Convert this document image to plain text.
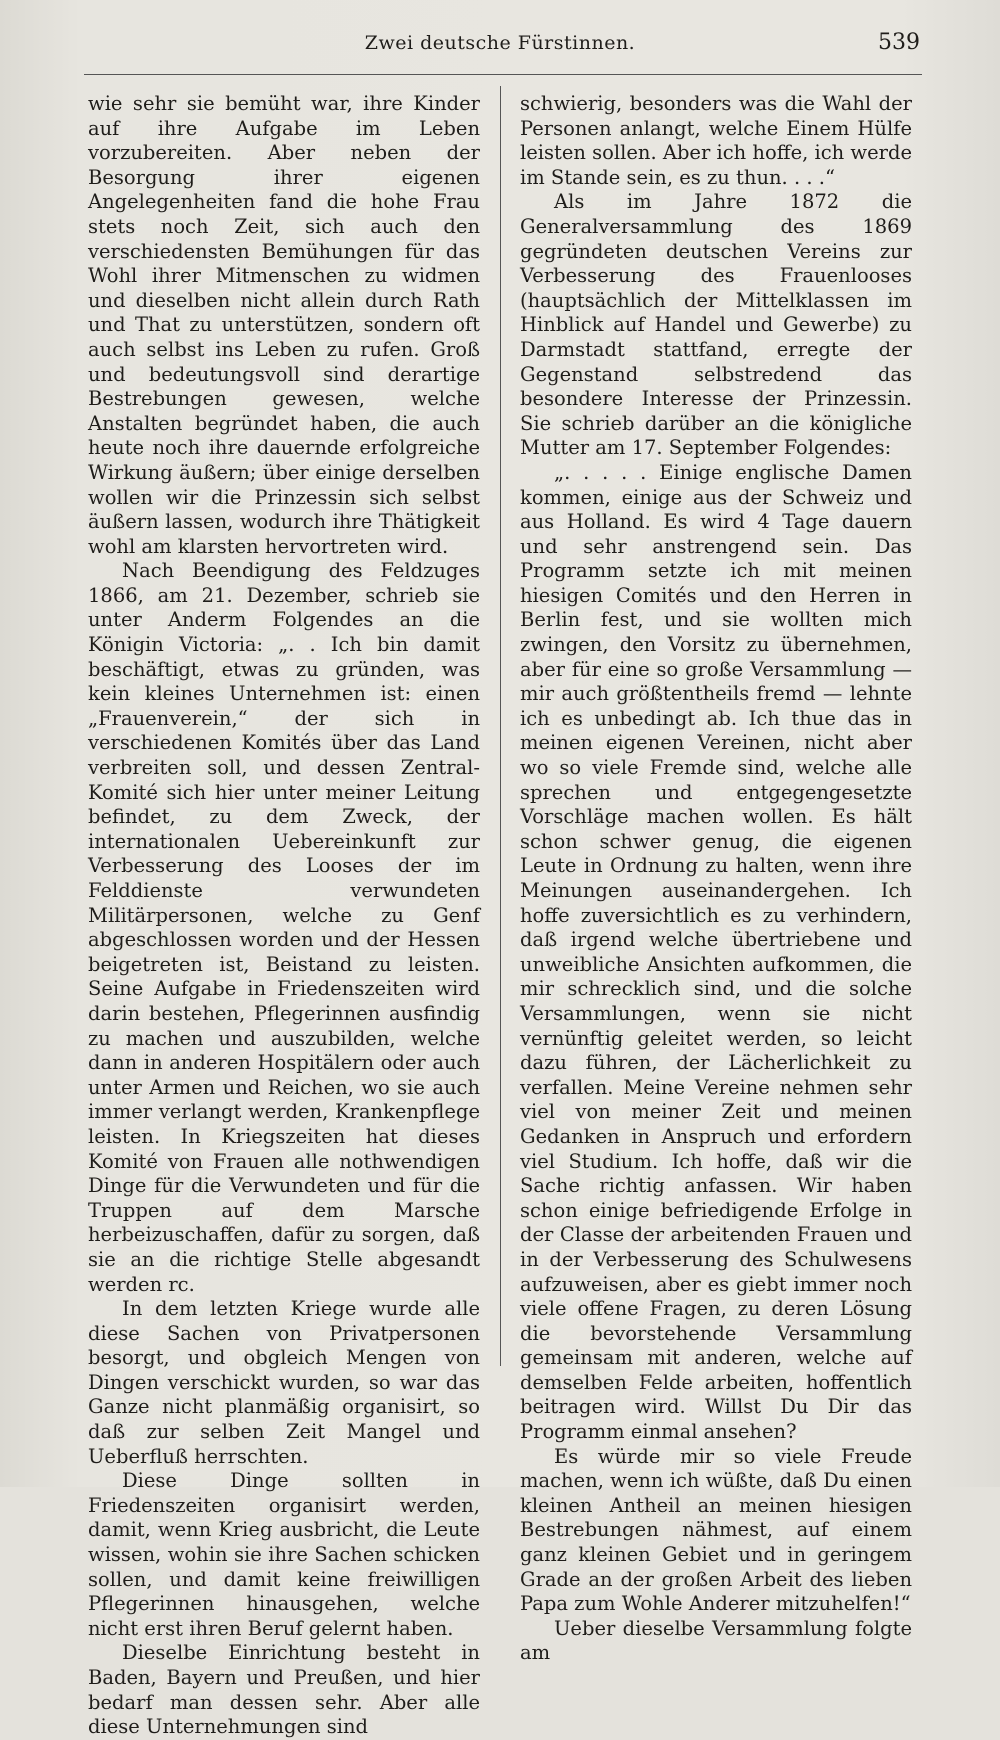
Zwei deutsche Fürstinnen.	539

wie sehr sie bemüht war, ihre Kinder auf ihre Aufgabe im Leben vorzubereiten. Aber neben der Besorgung ihrer eigenen Angelegenheiten fand die hohe Frau stets noch Zeit, sich auch den verschiedensten Bemühungen für das Wohl ihrer Mitmenschen zu widmen und dieselben nicht allein durch Rath und That zu unterstützen, sondern oft auch selbst ins Leben zu rufen. Groß und bedeutungsvoll sind derartige Bestrebungen gewesen, welche Anstalten begründet haben, die auch heute noch ihre dauernde erfolgreiche Wirkung äußern; über einige derselben wollen wir die Prinzessin sich selbst äußern lassen, wodurch ihre Thätigkeit wohl am klarsten hervortreten wird.

Nach Beendigung des Feldzuges 1866, am 21. Dezember, schrieb sie unter Anderm Folgendes an die Königin Victoria: „. . Ich bin damit beschäftigt, etwas zu gründen, was kein kleines Unternehmen ist: einen „Frauenverein,“ der sich in verschiedenen Komités über das Land verbreiten soll, und dessen Zentral-Komité sich hier unter meiner Leitung befindet, zu dem Zweck, der internationalen Uebereinkunft zur Verbesserung des Looses der im Felddienste verwundeten Militärpersonen, welche zu Genf abgeschlossen worden und der Hessen beigetreten ist, Beistand zu leisten. Seine Aufgabe in Friedenszeiten wird darin bestehen, Pflegerinnen ausfindig zu machen und auszubilden, welche dann in anderen Hospitälern oder auch unter Armen und Reichen, wo sie auch immer verlangt werden, Krankenpflege leisten. In Kriegszeiten hat dieses Komité von Frauen alle nothwendigen Dinge für die Verwundeten und für die Truppen auf dem Marsche herbeizuschaffen, dafür zu sorgen, daß sie an die richtige Stelle abgesandt werden rc.

In dem letzten Kriege wurde alle diese Sachen von Privatpersonen besorgt, und obgleich Mengen von Dingen verschickt wurden, so war das Ganze nicht planmäßig organisirt, so daß zur selben Zeit Mangel und Ueberfluß herrschten.

Diese Dinge sollten in Friedenszeiten organisirt werden, damit, wenn Krieg ausbricht, die Leute wissen, wohin sie ihre Sachen schicken sollen, und damit keine freiwilligen Pflegerinnen hinausgehen, welche nicht erst ihren Beruf gelernt haben.

Dieselbe Einrichtung besteht in Baden, Bayern und Preußen, und hier bedarf man dessen sehr. Aber alle diese Unternehmungen sind

schwierig, besonders was die Wahl der Personen anlangt, welche Einem Hülfe leisten sollen. Aber ich hoffe, ich werde im Stande sein, es zu thun. . . .“

Als im Jahre 1872 die Generalversammlung des 1869 gegründeten deutschen Vereins zur Verbesserung des Frauenlooses (hauptsächlich der Mittelklassen im Hinblick auf Handel und Gewerbe) zu Darmstadt stattfand, erregte der Gegenstand selbstredend das besondere Interesse der Prinzessin. Sie schrieb darüber an die königliche Mutter am 17. September Folgendes:

„. . . . . Einige englische Damen kommen, einige aus der Schweiz und aus Holland. Es wird 4 Tage dauern und sehr anstrengend sein. Das Programm setzte ich mit meinen hiesigen Comités und den Herren in Berlin fest, und sie wollten mich zwingen, den Vorsitz zu übernehmen, aber für eine so große Versammlung — mir auch größtentheils fremd — lehnte ich es unbedingt ab. Ich thue das in meinen eigenen Vereinen, nicht aber wo so viele Fremde sind, welche alle sprechen und entgegengesetzte Vorschläge machen wollen. Es hält schon schwer genug, die eigenen Leute in Ordnung zu halten, wenn ihre Meinungen auseinandergehen. Ich hoffe zuversichtlich es zu verhindern, daß irgend welche übertriebene und unweibliche Ansichten aufkommen, die mir schrecklich sind, und die solche Versammlungen, wenn sie nicht vernünftig geleitet werden, so leicht dazu führen, der Lächerlichkeit zu verfallen. Meine Vereine nehmen sehr viel von meiner Zeit und meinen Gedanken in Anspruch und erfordern viel Studium. Ich hoffe, daß wir die Sache richtig anfassen. Wir haben schon einige befriedigende Erfolge in der Classe der arbeitenden Frauen und in der Verbesserung des Schulwesens aufzuweisen, aber es giebt immer noch viele offene Fragen, zu deren Lösung die bevorstehende Versammlung gemeinsam mit anderen, welche auf demselben Felde arbeiten, hoffentlich beitragen wird. Willst Du Dir das Programm einmal ansehen?

Es würde mir so viele Freude machen, wenn ich wüßte, daß Du einen kleinen Antheil an meinen hiesigen Bestrebungen nähmest, auf einem ganz kleinen Gebiet und in geringem Grade an der großen Arbeit des lieben Papa zum Wohle Anderer mitzuhelfen!“

Ueber dieselbe Versammlung folgte am
